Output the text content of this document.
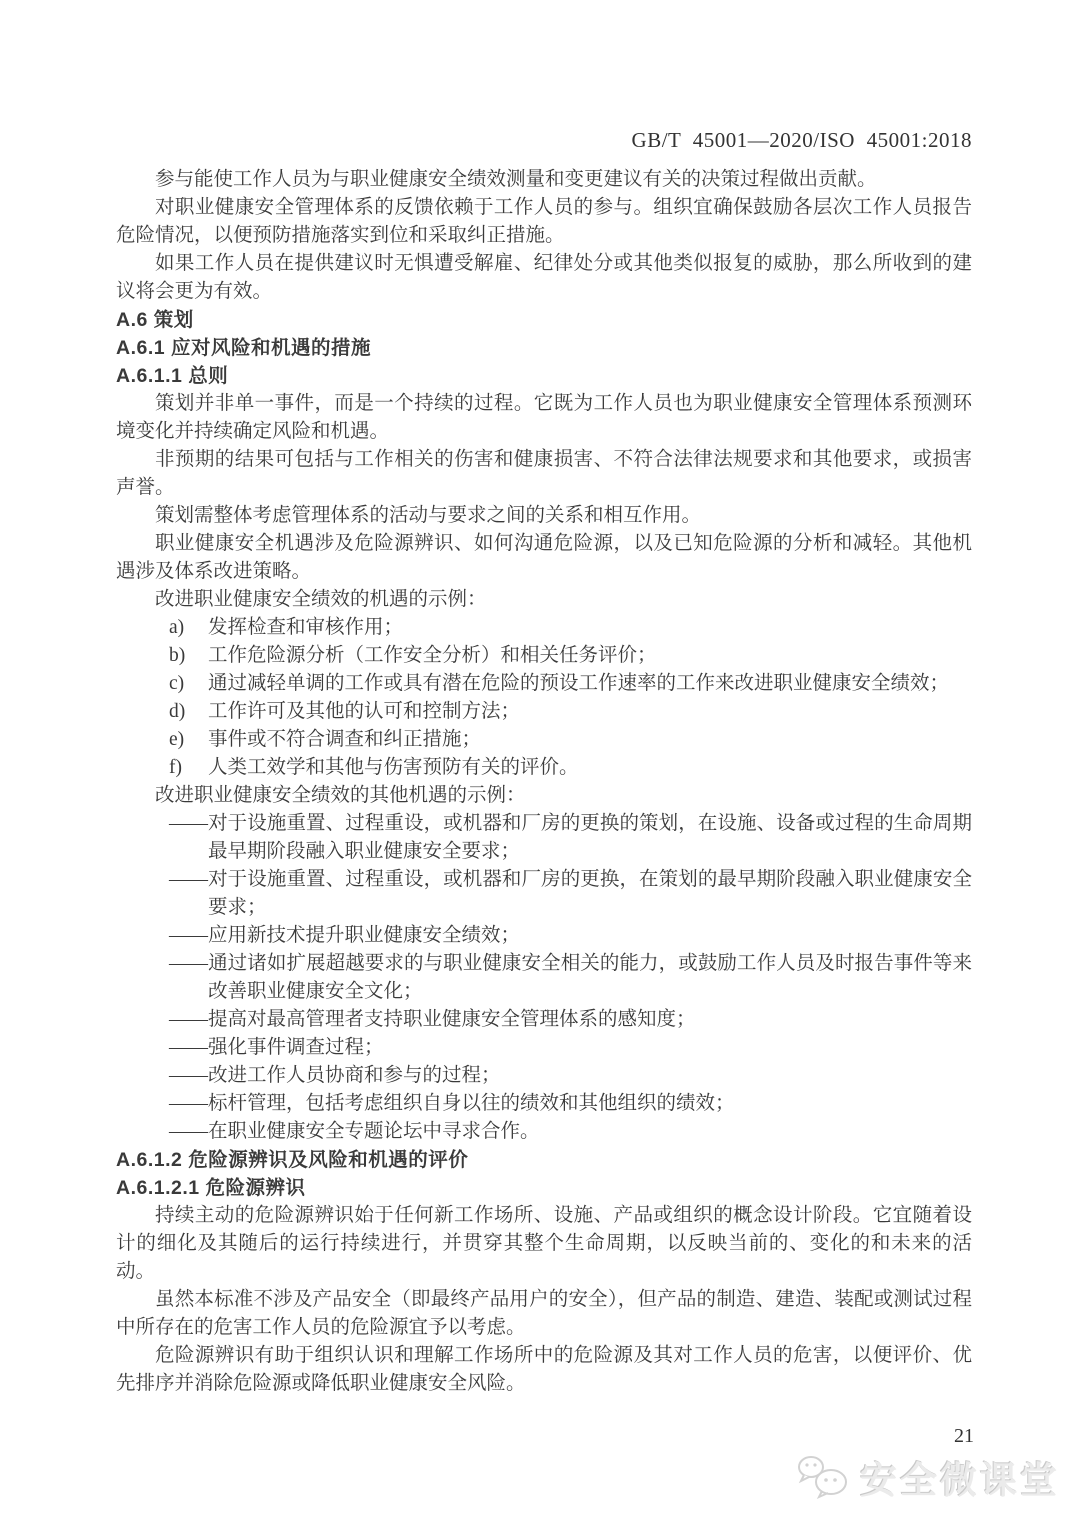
GB/T 45001—2020/ISO 45001:2018

参与能使工作人员为与职业健康安全绩效测量和变更建议有关的决策过程做出贡献。

对职业健康安全管理体系的反馈依赖于工作人员的参与。组织宜确保鼓励各层次工作人员报告危险情况，以便预防措施落实到位和采取纠正措施。

如果工作人员在提供建议时无惧遭受解雇、纪律处分或其他类似报复的威胁，那么所收到的建议将会更为有效。

A.6 策划

A.6.1 应对风险和机遇的措施

A.6.1.1 总则

策划并非单一事件，而是一个持续的过程。它既为工作人员也为职业健康安全管理体系预测环境变化并持续确定风险和机遇。

非预期的结果可包括与工作相关的伤害和健康损害、不符合法律法规要求和其他要求，或损害声誉。

策划需整体考虑管理体系的活动与要求之间的关系和相互作用。

职业健康安全机遇涉及危险源辨识、如何沟通危险源，以及已知危险源的分析和减轻。其他机遇涉及体系改进策略。

改进职业健康安全绩效的机遇的示例：

a) 发挥检查和审核作用；

b) 工作危险源分析（工作安全分析）和相关任务评价；

c) 通过减轻单调的工作或具有潜在危险的预设工作速率的工作来改进职业健康安全绩效；

d) 工作许可及其他的认可和控制方法；

e) 事件或不符合调查和纠正措施；

f) 人类工效学和其他与伤害预防有关的评价。

改进职业健康安全绩效的其他机遇的示例：

——对于设施重置、过程重设，或机器和厂房的更换的策划，在设施、设备或过程的生命周期最早期阶段融入职业健康安全要求；

——对于设施重置、过程重设，或机器和厂房的更换，在策划的最早期阶段融入职业健康安全要求；

——应用新技术提升职业健康安全绩效；

——通过诸如扩展超越要求的与职业健康安全相关的能力，或鼓励工作人员及时报告事件等来改善职业健康安全文化；

——提高对最高管理者支持职业健康安全管理体系的感知度；

——强化事件调查过程；

——改进工作人员协商和参与的过程；

——标杆管理，包括考虑组织自身以往的绩效和其他组织的绩效；

——在职业健康安全专题论坛中寻求合作。

A.6.1.2 危险源辨识及风险和机遇的评价

A.6.1.2.1 危险源辨识

持续主动的危险源辨识始于任何新工作场所、设施、产品或组织的概念设计阶段。它宜随着设计的细化及其随后的运行持续进行，并贯穿其整个生命周期，以反映当前的、变化的和未来的活动。

虽然本标准不涉及产品安全（即最终产品用户的安全），但产品的制造、建造、装配或测试过程中所存在的危害工作人员的危险源宜予以考虑。

危险源辨识有助于组织认识和理解工作场所中的危险源及其对工作人员的危害，以便评价、优先排序并消除危险源或降低职业健康安全风险。

21
安全微课堂
